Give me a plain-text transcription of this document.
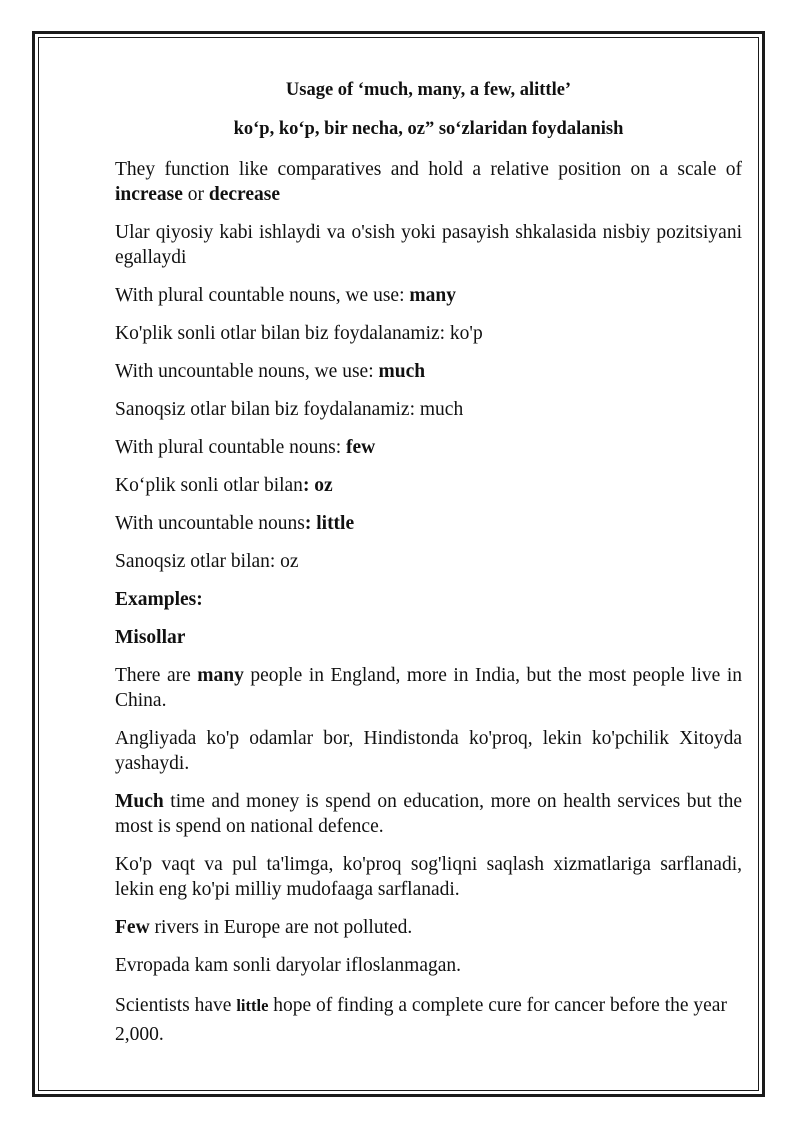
Usage of ‘much, many, a few, alittle’
ko‘p, ko‘p, bir necha, oz” so‘zlaridan foydalanish

They function like comparatives and hold a relative position on a scale of increase or decrease

Ular qiyosiy kabi ishlaydi va o'sish yoki pasayish shkalasida nisbiy pozitsiyani egallaydi

With plural countable nouns, we use: many

Ko'plik sonli otlar bilan biz foydalanamiz: ko'p

With uncountable nouns, we use: much

Sanoqsiz otlar bilan biz foydalanamiz: much

With plural countable nouns: few

Ko‘plik sonli otlar bilan: oz

With uncountable nouns: little

Sanoqsiz otlar bilan: oz

Examples:

Misollar

There are many people in England, more in India, but the most people live in China.

Angliyada ko'p odamlar bor, Hindistonda ko'proq, lekin ko'pchilik Xitoyda yashaydi.

Much time and money is spend on education, more on health services but the most is spend on national defence.

Ko'p vaqt va pul ta'limga, ko'proq sog'liqni saqlash xizmatlariga sarflanadi, lekin eng ko'pi milliy mudofaaga sarflanadi.

Few rivers in Europe are not polluted.

Evropada kam sonli daryolar ifloslanmagan.

Scientists have little hope of finding a complete cure for cancer before the year 2,000.
